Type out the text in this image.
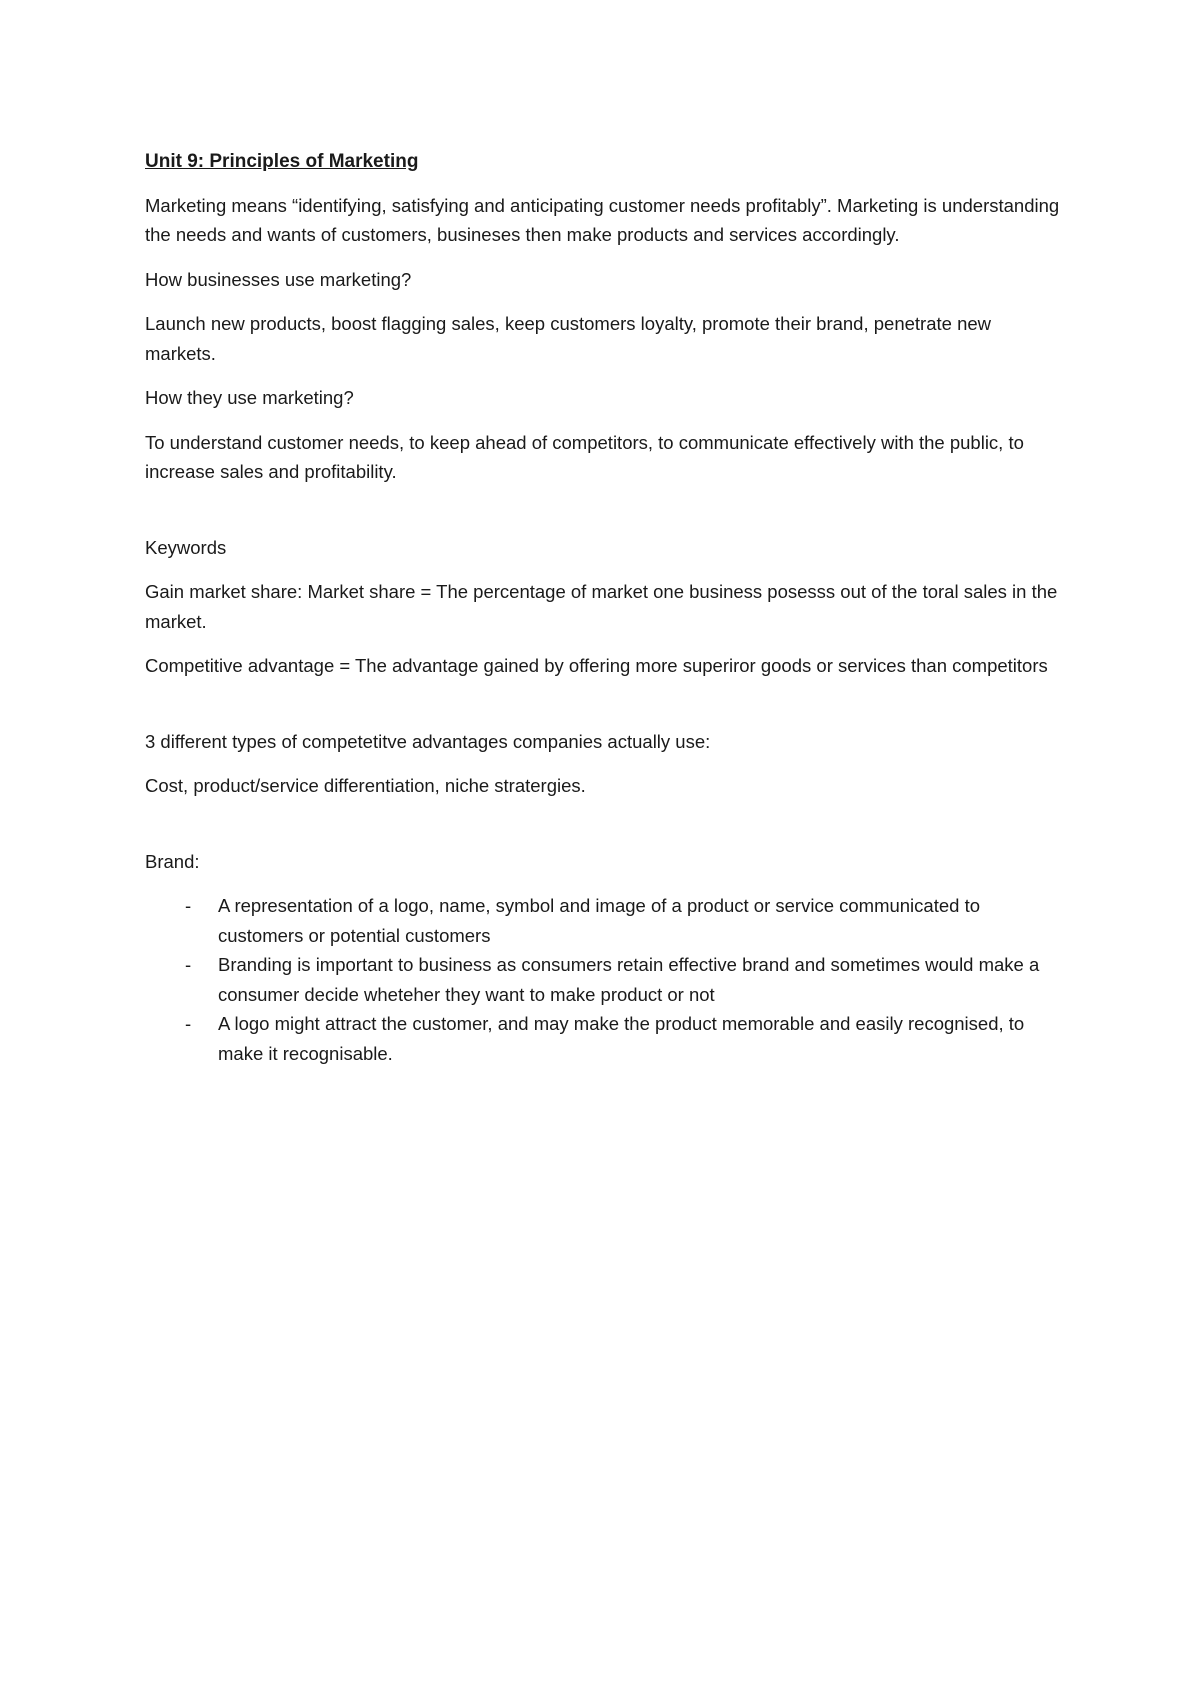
Unit 9: Principles of Marketing

Marketing means “identifying, satisfying and anticipating customer needs profitably”. Marketing is understanding the needs and wants of customers, busineses then make products and services accordingly.

How businesses use marketing?

Launch new products, boost flagging sales, keep customers loyalty, promote their brand, penetrate new markets.

How they use marketing?

To understand customer needs, to keep ahead of competitors, to communicate effectively with the public, to increase sales and profitability.

Keywords

Gain market share: Market share = The percentage of market one business posesss out of the toral sales in the market.

Competitive advantage = The advantage gained by offering more superiror goods or services than competitors

3 different types of competetitve advantages companies actually use:

Cost, product/service differentiation, niche stratergies.

Brand:

- A representation of a logo, name, symbol and image of a product or service communicated to customers or potential customers
- Branding is important to business as consumers retain effective brand and sometimes would make a consumer decide wheteher they want to make product or not
- A logo might attract the customer, and may make the product memorable and easily recognised, to make it recognisable.
